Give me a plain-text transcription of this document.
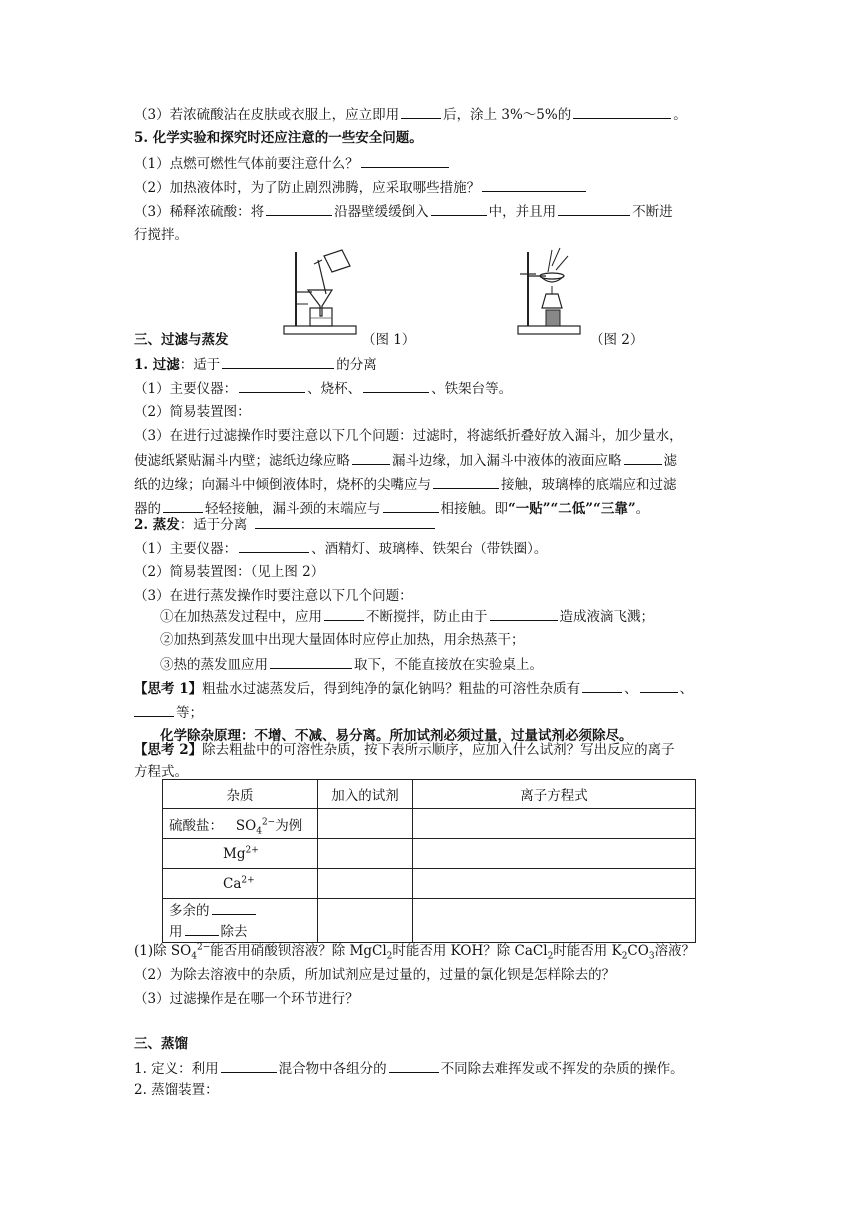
（3）若浓硫酸沾在皮肤或衣服上，应立即用	后，涂上 3%～5%的	。
5. 化学实验和探究时还应注意的一些安全问题。
（1）点燃可燃性气体前要注意什么？
（2）加热液体时，为了防止剧烈沸腾，应采取哪些措施？
（3）稀释浓硫酸：将	沿器壁缓缓倒入	中，并且用	不断进
行搅拌。
三、过滤与蒸发	（图 1）	（图 2）
1. 过滤：适于	的分离
（1）主要仪器：	、烧杯、	、铁架台等。
（2）简易装置图：
（3）在进行过滤操作时要注意以下几个问题：过滤时，将滤纸折叠好放入漏斗，加少量水，
使滤纸紧贴漏斗内壁；滤纸边缘应略	漏斗边缘，加入漏斗中液体的液面应略	滤
纸的边缘；向漏斗中倾倒液体时，烧杯的尖嘴应与	接触，玻璃棒的底端应和过滤
器的	轻轻接触，漏斗颈的末端应与	相接触。即“一贴”“二低”“三靠”。
2. 蒸发：适于分离
（1）主要仪器：	、酒精灯、玻璃棒、铁架台（带铁圈）。
（2）简易装置图：（见上图 2）
（3）在进行蒸发操作时要注意以下几个问题：
①在加热蒸发过程中，应用	不断搅拌，防止由于	造成液滴飞溅；
②加热到蒸发皿中出现大量固体时应停止加热，用余热蒸干；
③热的蒸发皿应用	取下，不能直接放在实验桌上。
【思考 1】粗盐水过滤蒸发后，得到纯净的氯化钠吗？粗盐的可溶性杂质有	、	、
等；
化学除杂原理：不增、不减、易分离。所加试剂必须过量，过量试剂必须除尽。
【思考 2】除去粗盐中的可溶性杂质，按下表所示顺序，应加入什么试剂？写出反应的离子
方程式。
杂质	加入的试剂	离子方程式
硫酸盐： $SO_4^{2-}$为例		
$Mg^{2+}$		
$Ca^{2+}$		
多余的
用 除去		
(1)除 $SO_4^{2-}$能否用硝酸钡溶液？除 MgCl$_2$时能否用 KOH？除 CaCl$_2$时能否用 $K_2CO_3$溶液？
（2）为除去溶液中的杂质，所加试剂应是过量的，过量的氯化钡是怎样除去的？
（3）过滤操作是在哪一个环节进行？
三、蒸馏
1. 定义：利用	混合物中各组分的	不同除去难挥发或不挥发的杂质的操作。
2. 蒸馏装置：
